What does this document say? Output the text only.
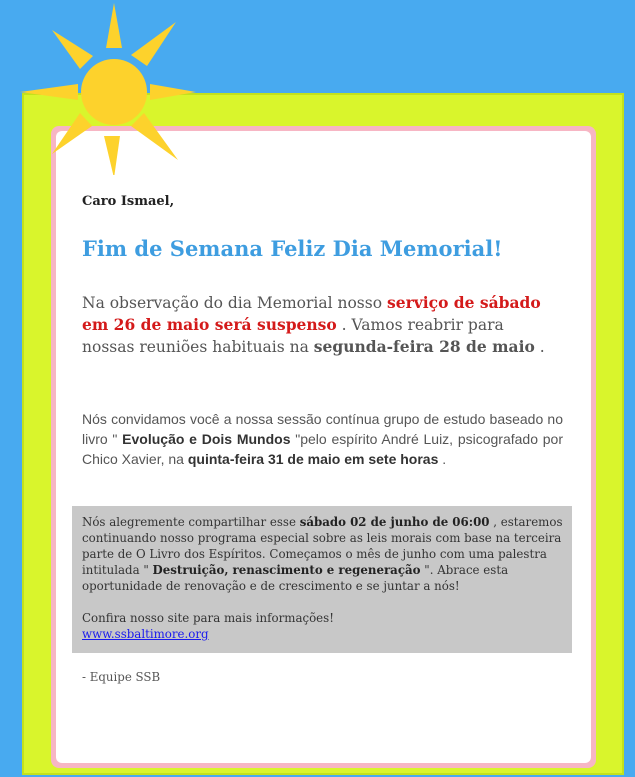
Caro Ismael,
Fim de Semana Feliz Dia Memorial!
Na observação do dia Memorial nosso serviço de sábado em 26 de maio será suspenso . Vamos reabrir para nossas reuniões habituais na segunda-feira 28 de maio .
Nós convidamos você a nossa sessão contínua grupo de estudo baseado no livro " Evolução e Dois Mundos "pelo espírito André Luiz, psicografado por Chico Xavier, na quinta-feira 31 de maio em sete horas .
Nós alegremente compartilhar esse sábado 02 de junho de 06:00 , estaremos continuando nosso programa especial sobre as leis morais com base na terceira parte de O Livro dos Espíritos. Começamos o mês de junho com uma palestra intitulada " Destruição, renascimento e regeneração ". Abrace esta oportunidade de renovação e de crescimento e se juntar a nós!
Confira nosso site para mais informações!
www.ssbaltimore.org
- Equipe SSB
